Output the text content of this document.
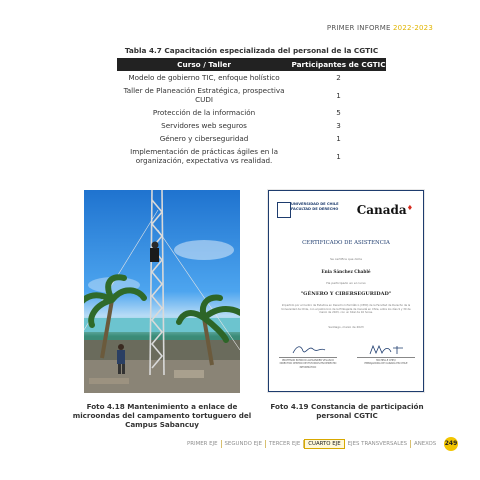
PRIMER INFORME 2022-2023
Tabla 4.7 Capacitación especializada del personal de la CGTIC
Curso / Taller	Participantes de CGTIC
Modelo de gobierno TIC, enfoque holístico	2
Taller de Planeación Estratégica, prospectiva CUDI	1
Protección de la información	5
Servidores web seguros	3
Género y ciberseguridad	1
Implementación de prácticas ágiles en la organización, expectativa vs realidad.	1
UNIVERSIDAD DE CHILE
FACULTAD DE DERECHO Canada♦
CERTIFICADO DE ASISTENCIA
Se certifica que doña
Enia Sánchez Chablé
Ha participado en el curso
"GÉNERO Y CIBERSEGURIDAD"
Impartido por el Centro de Estudios en Derecho Informático (CEDI) de la Facultad de Derecho de la Universidad de Chile, con el patrocinio de la Embajada de Canadá en Chile, entre los días 9 y 30 de marzo de 2023, con un total de 16 horas.
Santiago, marzo de 2023
PROFESOR PATRICIO ALEXANDER VELASCO
DIRECTOR CENTRO DE ESTUDIOS EN DERECHO INFORMÁTICO
MICHELLE CHEU
EMBAJADORA DE CANADÁ EN CHILE
Foto 4.18 Mantenimiento a enlace de microondas del campamento tortuguero del Campus Sabancuy
Foto 4.19 Constancia de participación personal CGTIC
PRIMER EJE	SEGUNDO EJE	TERCER EJE	CUARTO EJE	EJES TRANSVERSALES	ANEXOS	249
